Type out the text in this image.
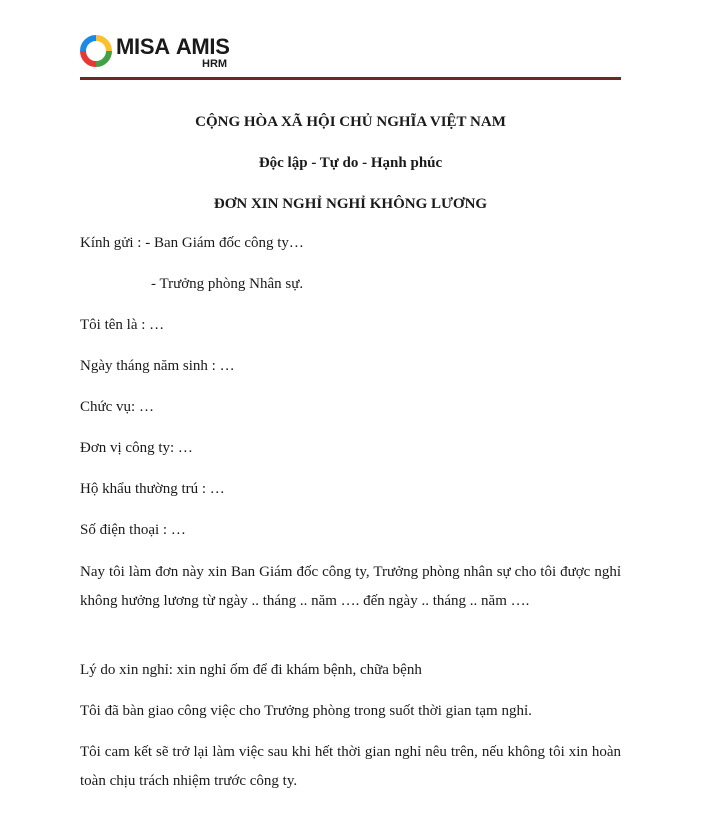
MISA AMIS
HRM
CỘNG HÒA XÃ HỘI CHỦ NGHĨA VIỆT NAM
Độc lập - Tự do - Hạnh phúc
ĐƠN XIN NGHỈ NGHỈ KHÔNG LƯƠNG

Kính gửi : - Ban Giám đốc công ty…

- Trưởng phòng Nhân sự.

Tôi tên là : …

Ngày tháng năm sinh : …

Chức vụ: …

Đơn vị công ty: …

Hộ khẩu thường trú : …

Số điện thoại : …

Nay tôi làm đơn này xin Ban Giám đốc công ty, Trưởng phòng nhân sự cho tôi được nghỉ không hưởng lương từ ngày .. tháng .. năm …. đến ngày .. tháng .. năm ….

Lý do xin nghỉ: xin nghỉ ốm để đi khám bệnh, chữa bệnh

Tôi đã bàn giao công việc cho Trưởng phòng trong suốt thời gian tạm nghỉ.

Tôi cam kết sẽ trở lại làm việc sau khi hết thời gian nghỉ nêu trên, nếu không tôi xin hoàn toàn chịu trách nhiệm trước công ty.
